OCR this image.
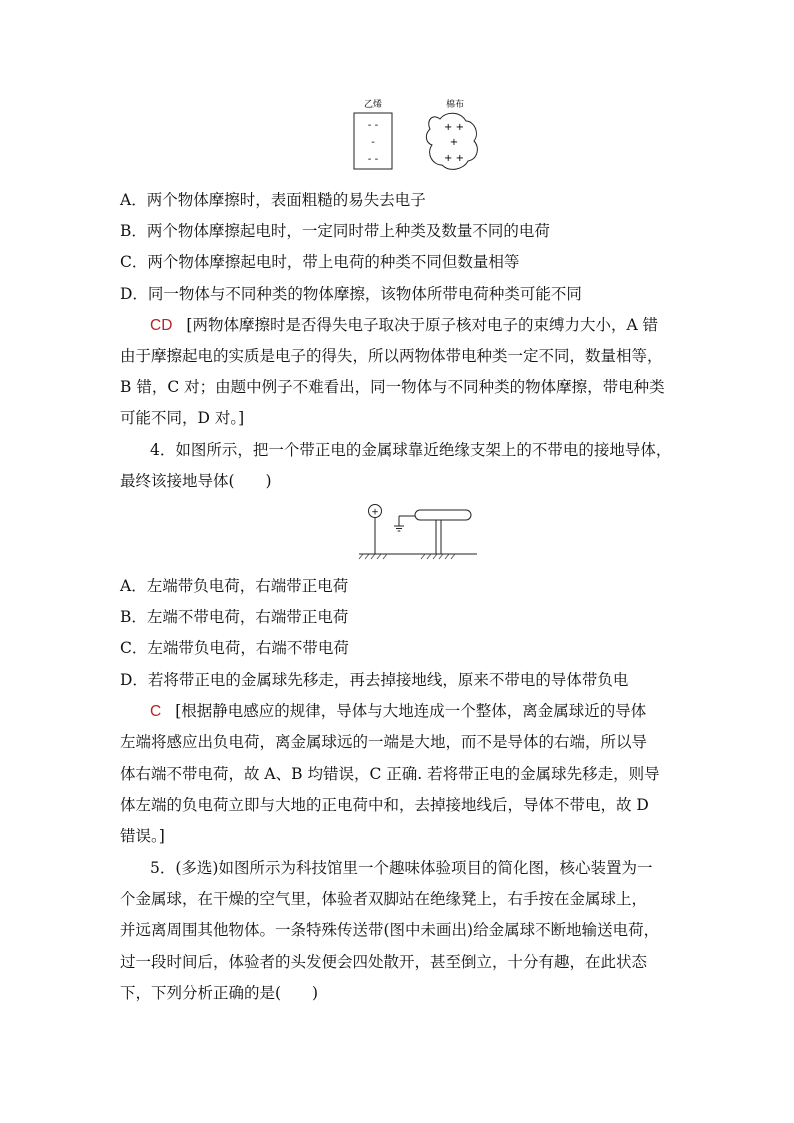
乙烯	棉布
- -
-
- -
+ +
+
+ +
A．两个物体摩擦时，表面粗糙的易失去电子
B．两个物体摩擦起电时，一定同时带上种类及数量不同的电荷
C．两个物体摩擦起电时，带上电荷的种类不同但数量相等
D．同一物体与不同种类的物体摩擦，该物体所带电荷种类可能不同
CD [两物体摩擦时是否得失电子取决于原子核对电子的束缚力大小，A 错
由于摩擦起电的实质是电子的得失，所以两物体带电种类一定不同，数量相等，
B 错，C 对；由题中例子不难看出，同一物体与不同种类的物体摩擦，带电种类
可能不同，D 对。]
4．如图所示，把一个带正电的金属球靠近绝缘支架上的不带电的接地导体，
最终该接地导体(　　)
+
A．左端带负电荷，右端带正电荷
B．左端不带电荷，右端带正电荷
C．左端带负电荷，右端不带电荷
D．若将带正电的金属球先移走，再去掉接地线，原来不带电的导体带负电
C [根据静电感应的规律，导体与大地连成一个整体，离金属球近的导体
左端将感应出负电荷，离金属球远的一端是大地，而不是导体的右端，所以导
体右端不带电荷，故 A、B 均错误，C 正确. 若将带正电的金属球先移走，则导
体左端的负电荷立即与大地的正电荷中和，去掉接地线后，导体不带电，故 D
错误。]
5．(多选)如图所示为科技馆里一个趣味体验项目的简化图，核心装置为一
个金属球，在干燥的空气里，体验者双脚站在绝缘凳上，右手按在金属球上，
并远离周围其他物体。一条特殊传送带(图中未画出)给金属球不断地输送电荷，
过一段时间后，体验者的头发便会四处散开，甚至倒立，十分有趣，在此状态
下，下列分析正确的是(　　)
